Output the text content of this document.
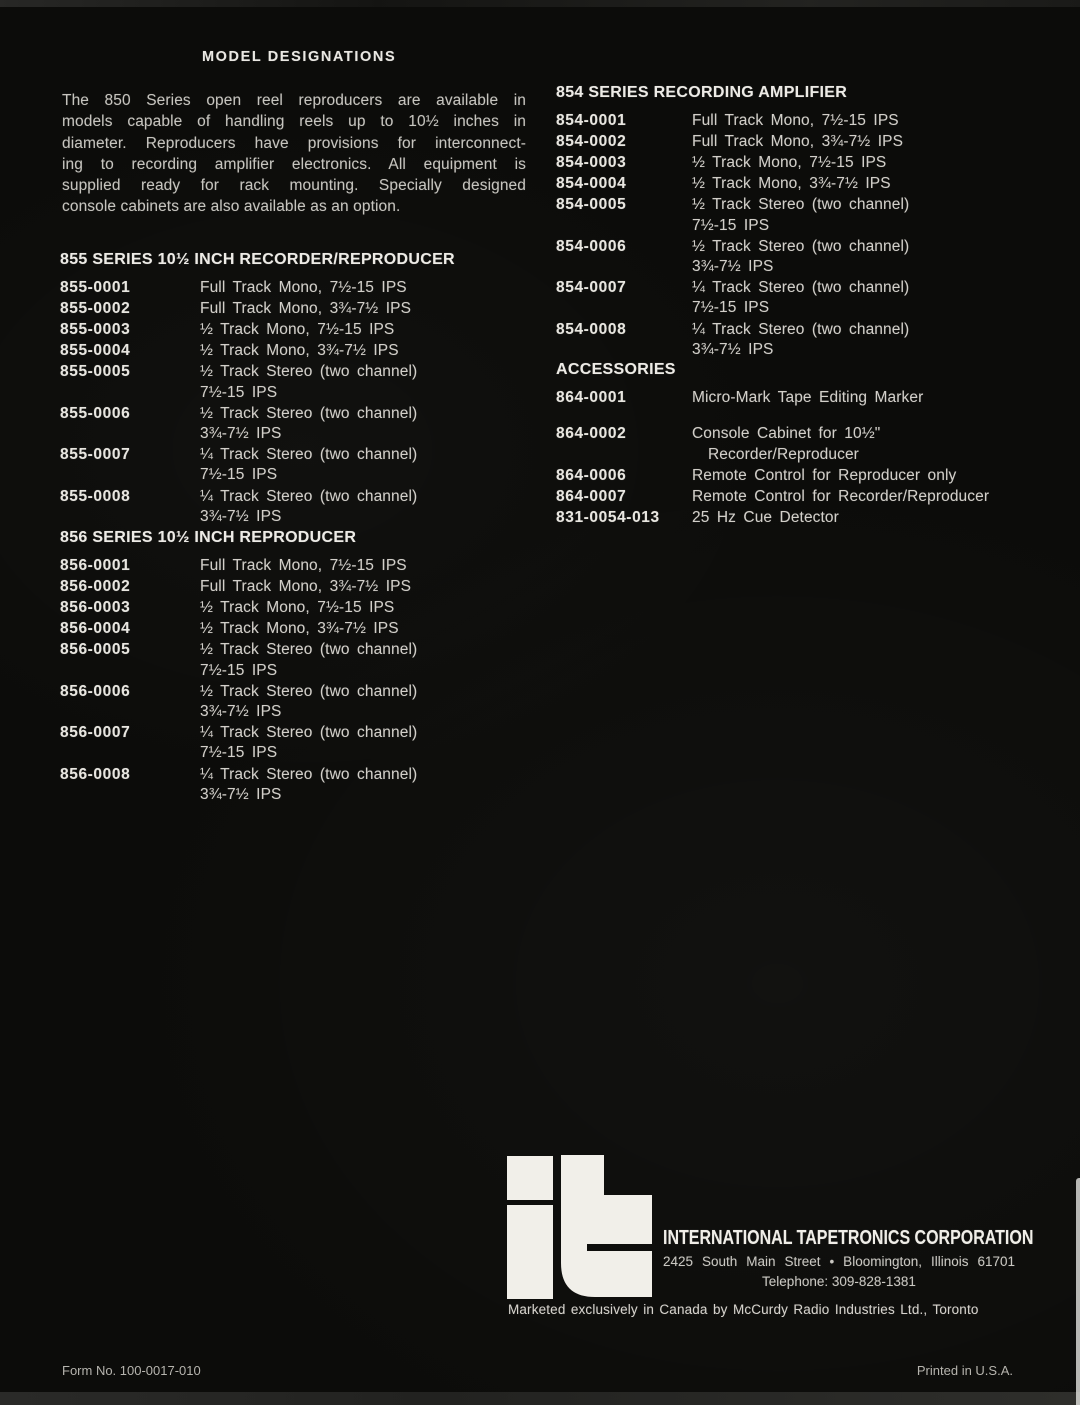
MODEL DESIGNATIONS
The 850 Series open reel reproducers are available in
models capable of handling reels up to 10½ inches in
diameter. Reproducers have provisions for interconnect-
ing to recording amplifier electronics. All equipment is
supplied ready for rack mounting. Specially designed
console cabinets are also available as an option.
855 SERIES 10½ INCH RECORDER/REPRODUCER
855-0001	Full Track Mono, 7½-15 IPS
855-0002	Full Track Mono, 3¾-7½ IPS
855-0003	½ Track Mono, 7½-15 IPS
855-0004	½ Track Mono, 3¾-7½ IPS
855-0005	½ Track Stereo (two channel)
7½-15 IPS
855-0006	½ Track Stereo (two channel)
3¾-7½ IPS
855-0007	¼ Track Stereo (two channel)
7½-15 IPS
855-0008	¼ Track Stereo (two channel)
3¾-7½ IPS
856 SERIES 10½ INCH REPRODUCER
856-0001	Full Track Mono, 7½-15 IPS
856-0002	Full Track Mono, 3¾-7½ IPS
856-0003	½ Track Mono, 7½-15 IPS
856-0004	½ Track Mono, 3¾-7½ IPS
856-0005	½ Track Stereo (two channel)
7½-15 IPS
856-0006	½ Track Stereo (two channel)
3¾-7½ IPS
856-0007	¼ Track Stereo (two channel)
7½-15 IPS
856-0008	¼ Track Stereo (two channel)
3¾-7½ IPS
854 SERIES RECORDING AMPLIFIER
854-0001	Full Track Mono, 7½-15 IPS
854-0002	Full Track Mono, 3¾-7½ IPS
854-0003	½ Track Mono, 7½-15 IPS
854-0004	½ Track Mono, 3¾-7½ IPS
854-0005	½ Track Stereo (two channel)
7½-15 IPS
854-0006	½ Track Stereo (two channel)
3¾-7½ IPS
854-0007	¼ Track Stereo (two channel)
7½-15 IPS
854-0008	¼ Track Stereo (two channel)
3¾-7½ IPS
ACCESSORIES
864-0001	Micro-Mark Tape Editing Marker
864-0002	Console Cabinet for 10½"
Recorder/Reproducer
864-0006	Remote Control for Reproducer only
864-0007	Remote Control for Recorder/Reproducer
831-0054-013	25 Hz Cue Detector
INTERNATIONAL TAPETRONICS CORPORATION
2425 South Main Street • Bloomington, Illinois 61701
Telephone: 309-828-1381
Marketed exclusively in Canada by McCurdy Radio Industries Ltd., Toronto
Form No. 100-0017-010	Printed in U.S.A.
